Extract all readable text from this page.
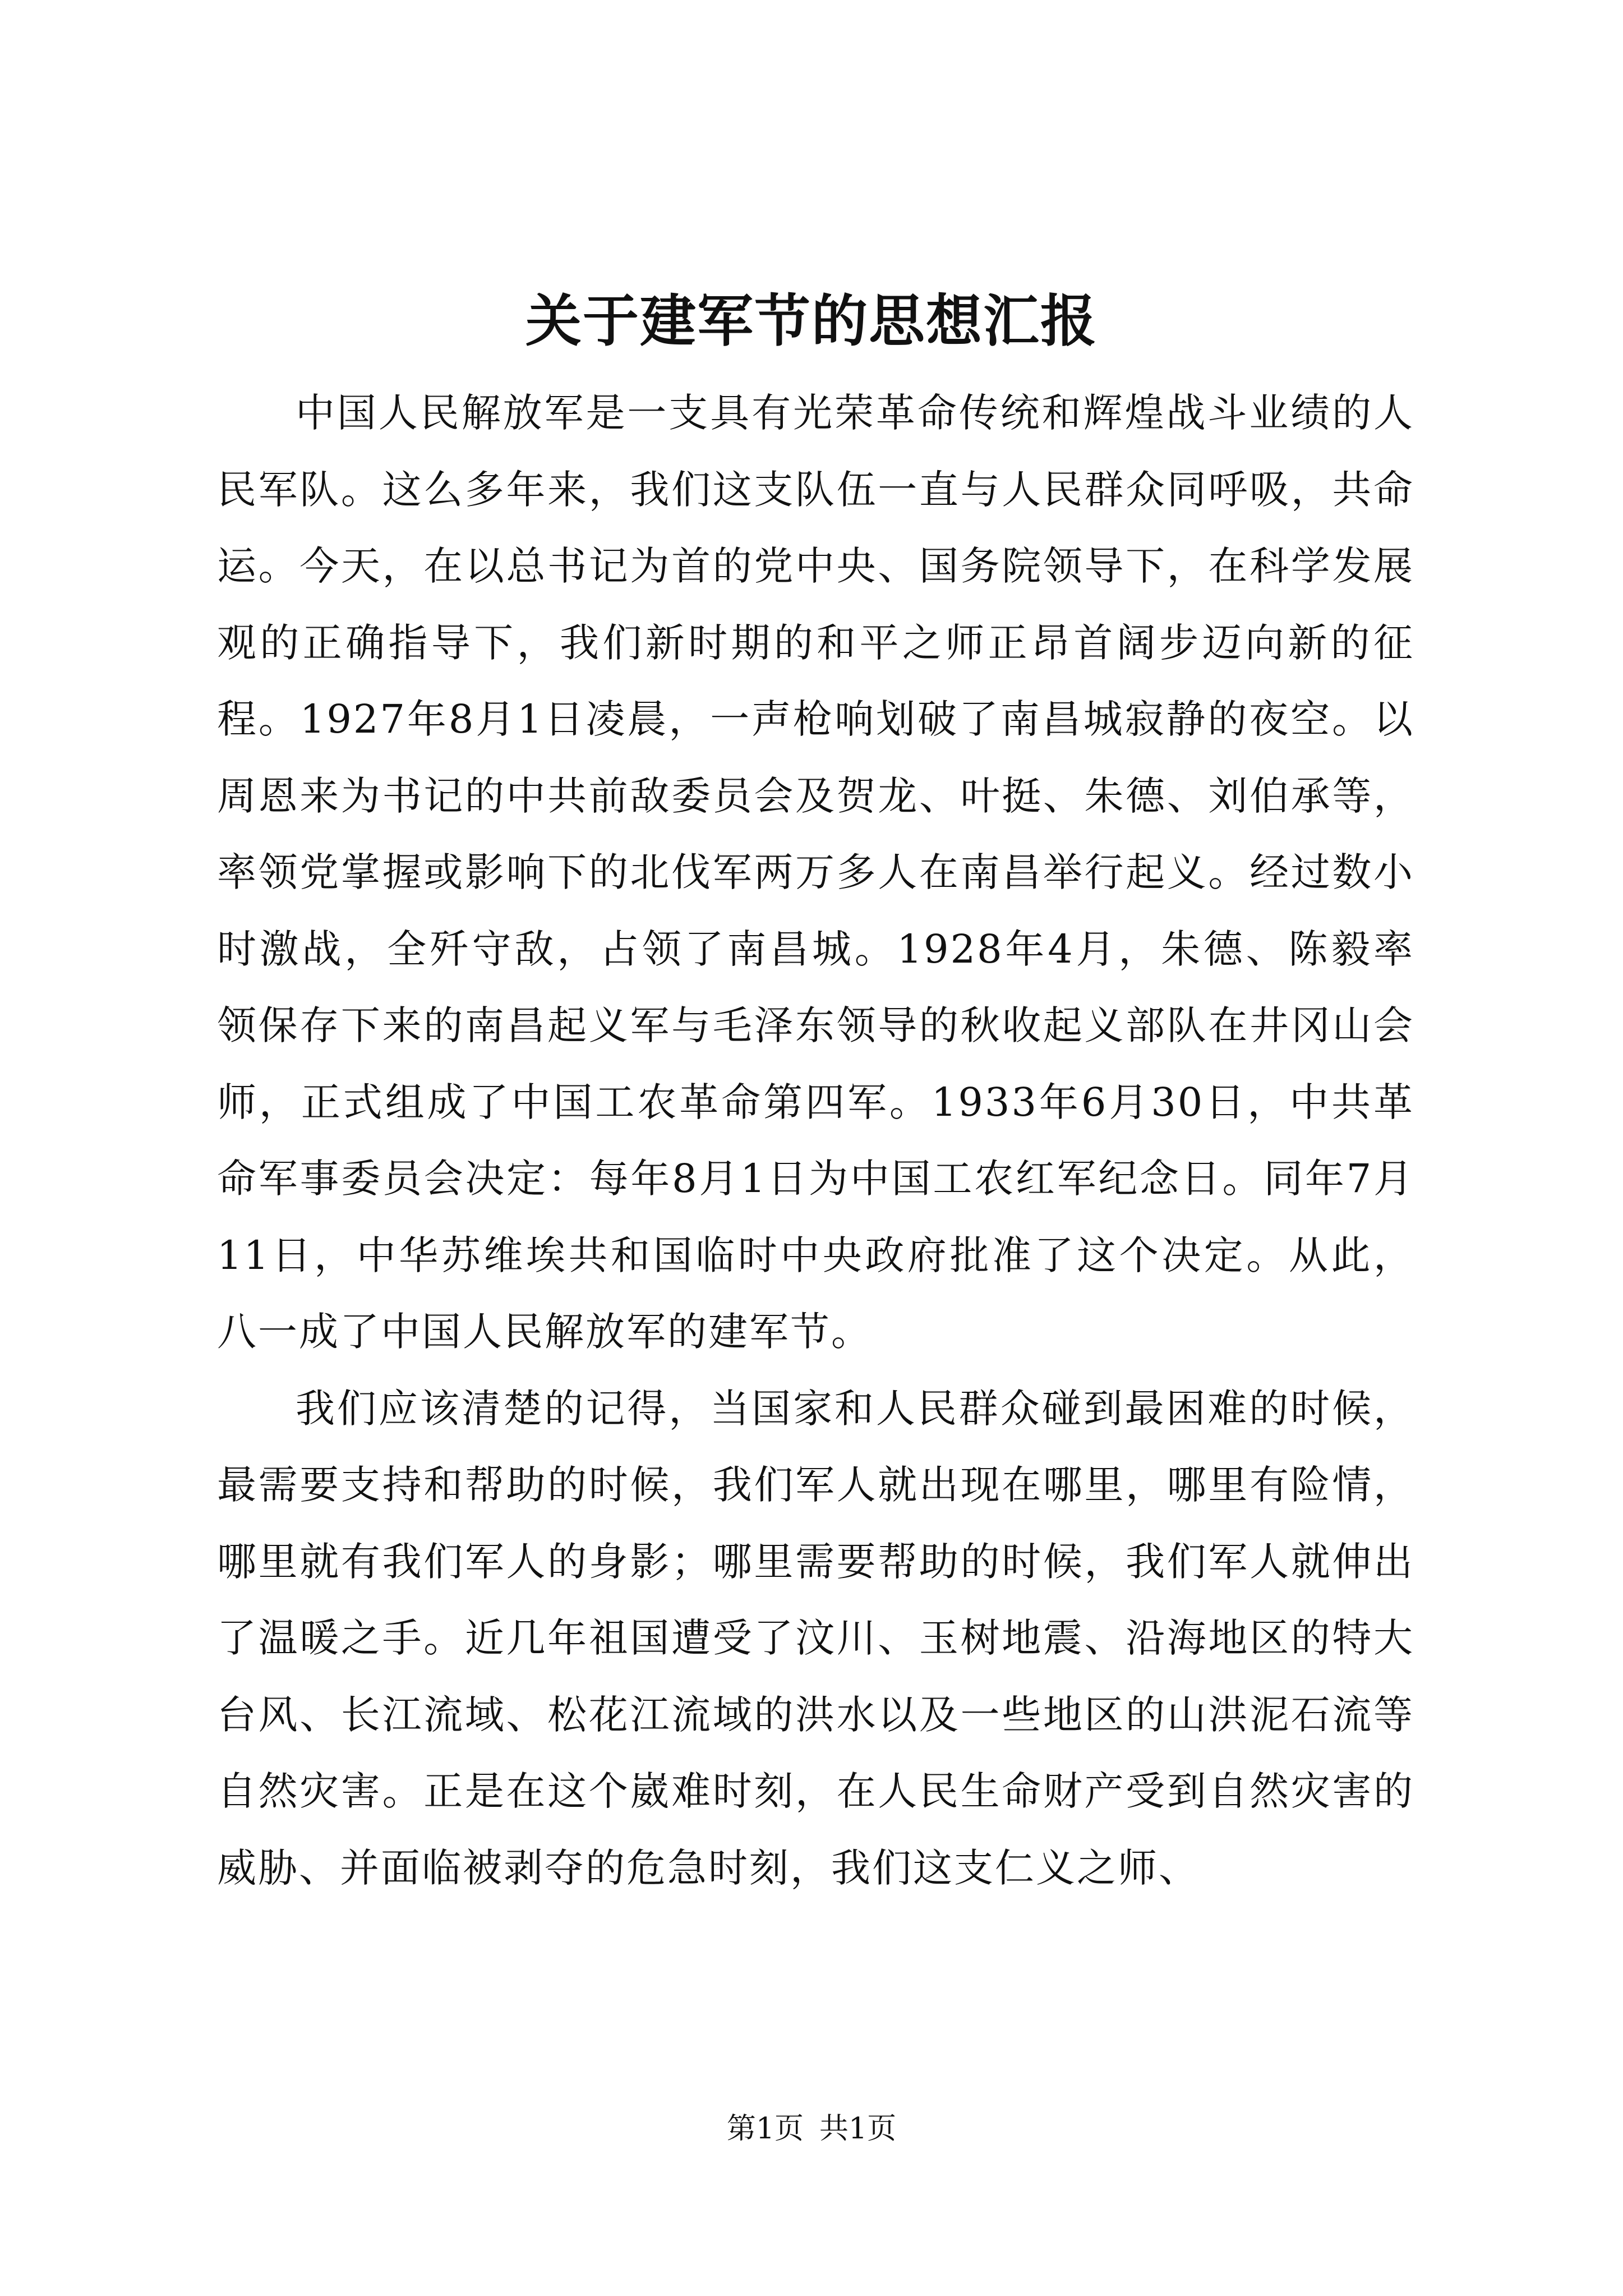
关于建军节的思想汇报

中国人民解放军是一支具有光荣革命传统和辉煌战斗业绩的人民军队。这么多年来，我们这支队伍一直与人民群众同呼吸，共命运。今天，在以总书记为首的党中央、国务院领导下，在科学发展观的正确指导下，我们新时期的和平之师正昂首阔步迈向新的征程。1927年8月1日凌晨，一声枪响划破了南昌城寂静的夜空。以周恩来为书记的中共前敌委员会及贺龙、叶挺、朱德、刘伯承等，率领党掌握或影响下的北伐军两万多人在南昌举行起义。经过数小时激战，全歼守敌，占领了南昌城。1928年4月，朱德、陈毅率领保存下来的南昌起义军与毛泽东领导的秋收起义部队在井冈山会师，正式组成了中国工农革命第四军。1933年6月30日，中共革命军事委员会决定：每年8月1日为中国工农红军纪念日。同年7月11日，中华苏维埃共和国临时中央政府批准了这个决定。从此，八一成了中国人民解放军的建军节。

我们应该清楚的记得，当国家和人民群众碰到最困难的时候，最需要支持和帮助的时候，我们军人就出现在哪里，哪里有险情，哪里就有我们军人的身影；哪里需要帮助的时候，我们军人就伸出了温暖之手。近几年祖国遭受了汶川、玉树地震、沿海地区的特大台风、长江流域、松花江流域的洪水以及一些地区的山洪泥石流等自然灾害。正是在这个崴难时刻，在人民生命财产受到自然灾害的威胁、并面临被剥夺的危急时刻，我们这支仁义之师、

第1页 共1页
